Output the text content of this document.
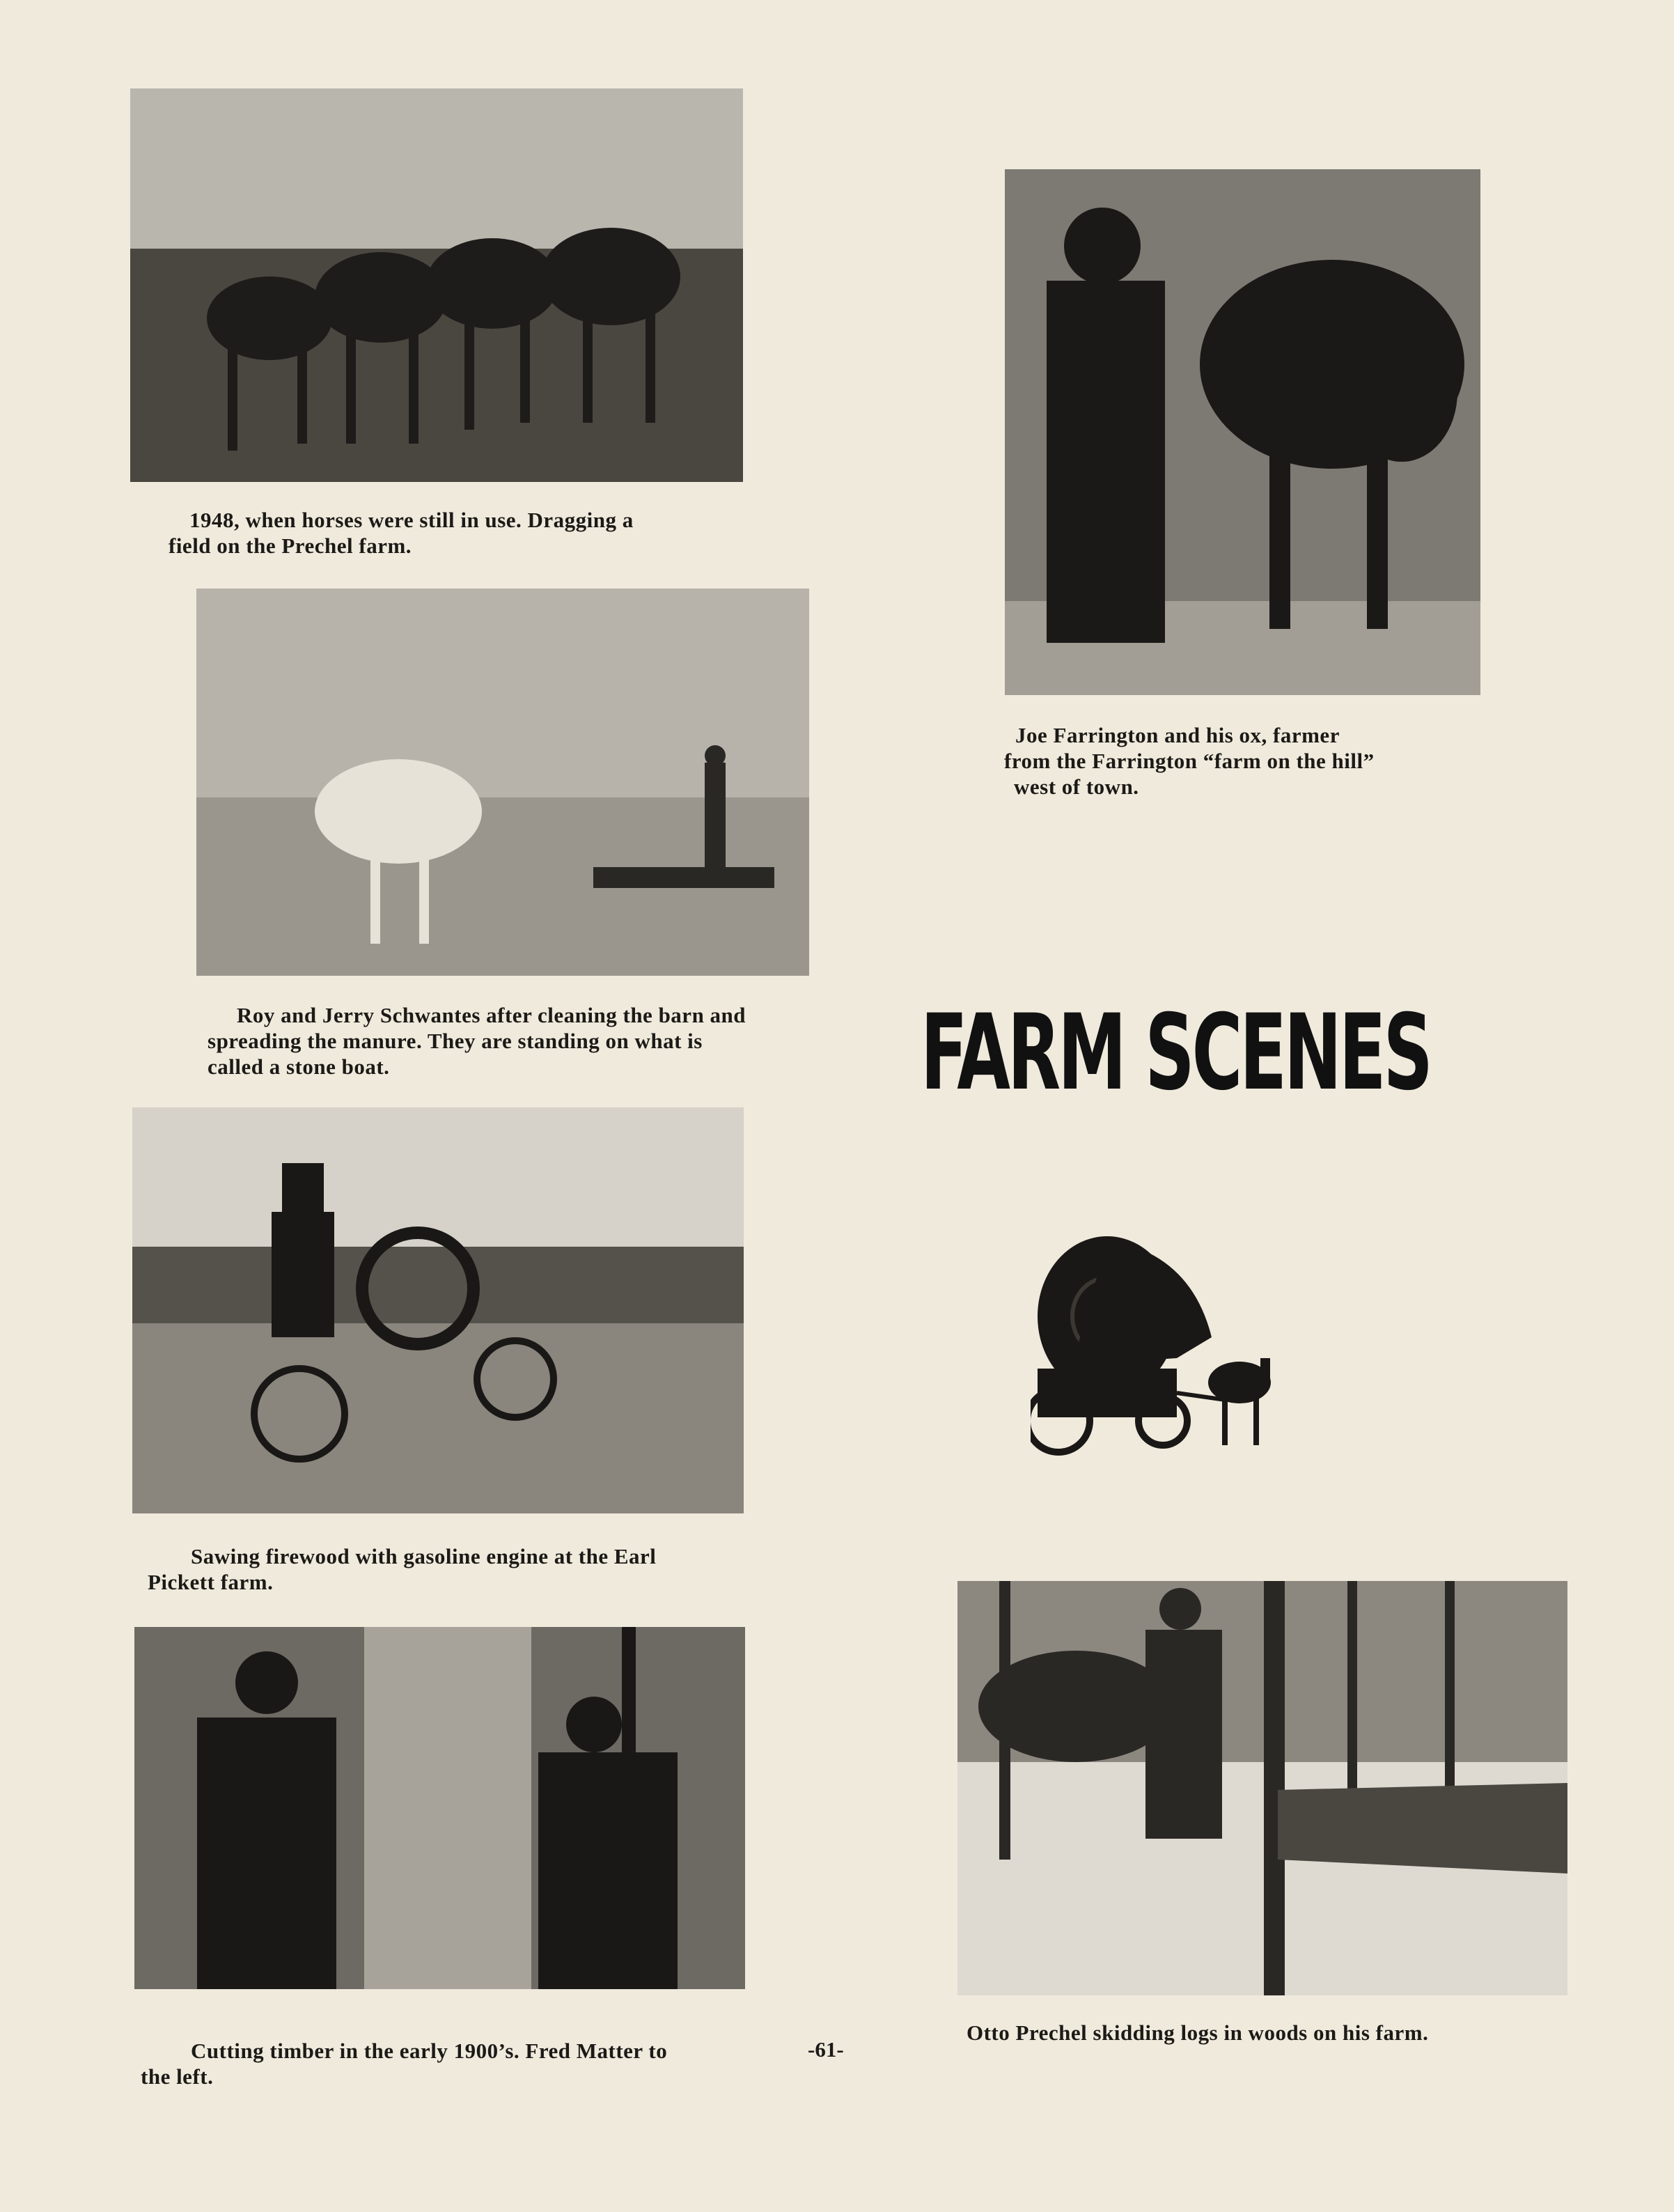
1948, when horses were still in use. Dragging a
field on the Prechel farm.
Joe Farrington and his ox, farmer
from the Farrington “farm on the hill”
west of town.
Roy and Jerry Schwantes after cleaning the barn and
spreading the manure. They are standing on what is
called a stone boat.	FARM SCENES
Sawing firewood with gasoline engine at the Earl
Pickett farm.
Cutting timber in the early 1900’s. Fred Matter to
the left.
Otto Prechel skidding logs in woods on his farm.
-61-
